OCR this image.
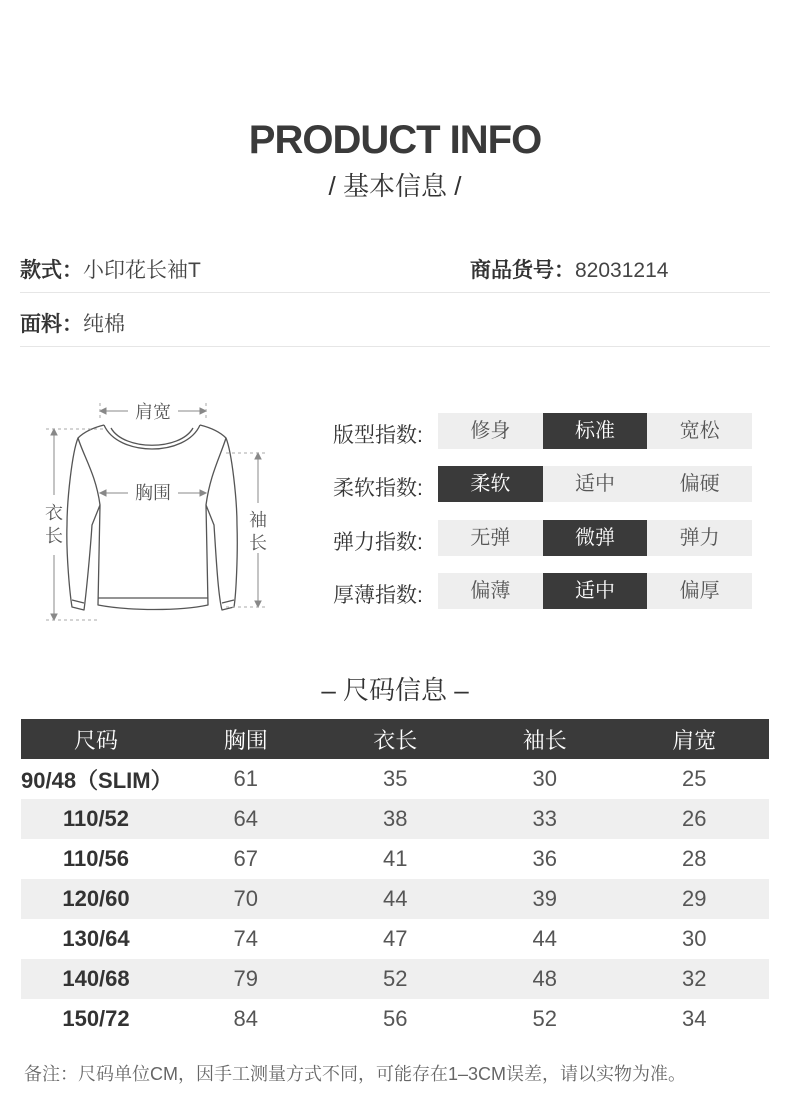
PRODUCT INFO
/ 基本信息 /
款式：小印花长袖T	商品货号：82031214
面料：纯棉
肩宽
胸围
衣
长
袖
长
版型指数:	修身	标准	宽松
柔软指数:	柔软	适中	偏硬
弹力指数:	无弹	微弹	弹力
厚薄指数:	偏薄	适中	偏厚
– 尺码信息 –
尺码	胸围	衣长	袖长	肩宽
90/48（SLIM）	61	35	30	25
110/52	64	38	33	26
110/56	67	41	36	28
120/60	70	44	39	29
130/64	74	47	44	30
140/68	79	52	48	32
150/72	84	56	52	34
备注：尺码单位CM，因手工测量方式不同，可能存在1–3CM误差，请以实物为准。
